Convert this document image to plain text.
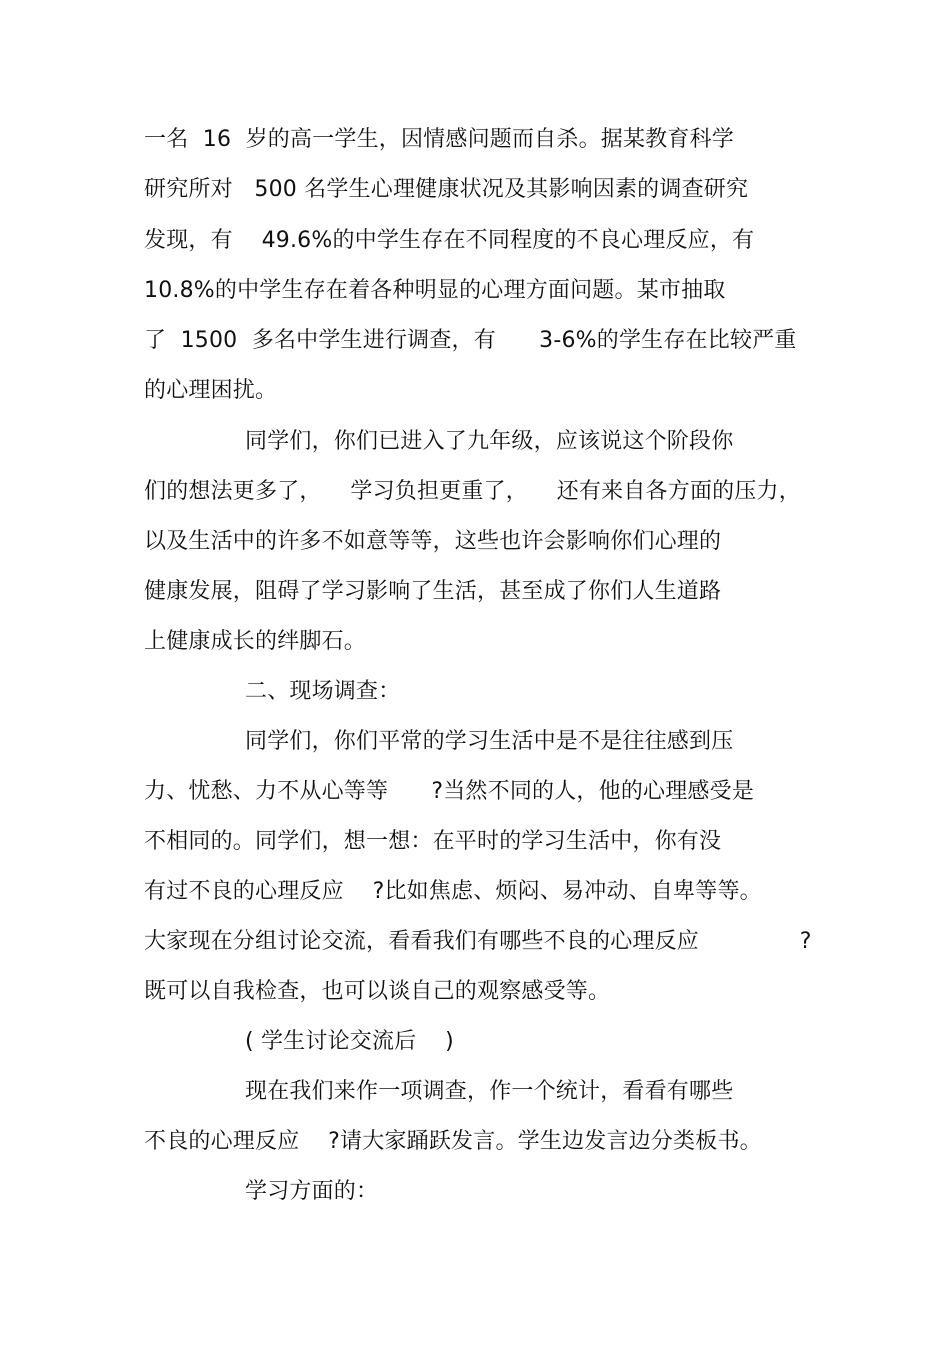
一名  16  岁的高一学生，因情感问题而自杀。据某教育科学
研究所对   500 名学生心理健康状况及其影响因素的调查研究
发现，有    49.6%的中学生存在不同程度的不良心理反应，有
10.8%的中学生存在着各种明显的心理方面问题。某市抽取
了  1500  多名中学生进行调查，有      3-6%的学生存在比较严重
的心理困扰。
同学们，你们已进入了九年级，应该说这个阶段你
们的想法更多了，    学习负担更重了，    还有来自各方面的压力，
以及生活中的许多不如意等等，这些也许会影响你们心理的
健康发展，阻碍了学习影响了生活，甚至成了你们人生道路
上健康成长的绊脚石。
二、现场调查：
同学们，你们平常的学习生活中是不是往往感到压
力、忧愁、力不从心等等      ?当然不同的人，他的心理感受是
不相同的。同学们，想一想：在平时的学习生活中，你有没
有过不良的心理反应    ?比如焦虑、烦闷、易冲动、自卑等等。
大家现在分组讨论交流，看看我们有哪些不良的心理反应              ?
既可以自我检查，也可以谈自己的观察感受等。
( 学生讨论交流后    )
现在我们来作一项调查，作一个统计，看看有哪些
不良的心理反应    ?请大家踊跃发言。学生边发言边分类板书。
学习方面的：
